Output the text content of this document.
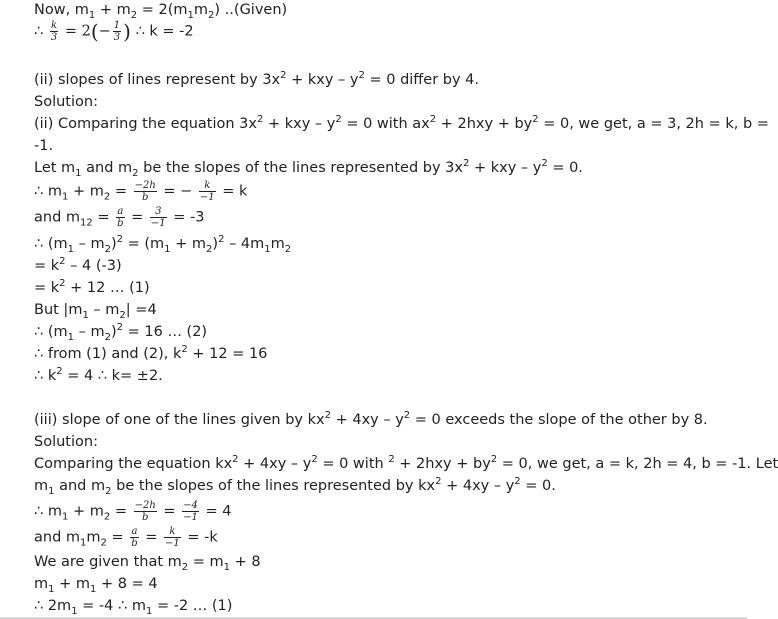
Now, $m_1 + m_2 = 2(m_1m_2)$ ..(Given)
∴ $\frac{k}{3} = 2(- \frac{1}{3}$ ) ∴ k = -2
(ii) slopes of lines represent by $3x^2$ + kxy – $y^2 = 0$ differ by 4.
Solution:
(ii) Comparing the equation $3x^2$ + kxy – $y^2 = 0$ with $ax^2 + 2hxy + by^2 = 0$, we get, a = 3, 2h = k, b =
-1.
Let $m_1$ and $m_2$ be the slopes of the lines represented by $3x^2$ + kxy – $y^2 = 0$.
∴ $m_1 + m_2 = \frac{-2h}{b}$ = − $\frac{k}{-1} = k$
and $m_{12} = \frac{a}{b} = \frac{3}{-1} = -3$
∴ $(m_1 - m_2)^2 = (m_1 + m_2)^2 - 4m_1m_2$
= $k^2 - 4$ (-3)
= $k^2 + 12$ … (1)
But $|m_1 - m_2| =4$
∴ $(m_1 - m_2)^2 = 16$ … (2)
∴ from (1) and (2), $k^2 + 12 = 16$
∴ $k^2 = 4$ ∴ k= ±2.
(iii) slope of one of the lines given by $kx^2 + 4xy - y^2 = 0$ exceeds the slope of the other by 8.
Solution:
Comparing the equation $kx^2 + 4xy - y^2 = 0$ with $^2 + 2hxy + by^2 = 0$, we get, a = k, 2h = 4, b = -1. Let
$m_1$ and $m_2$ be the slopes of the lines represented by $kx^2 + 4xy - y^2 = 0$.
∴ $m_1 + m_2 = \frac{-2h}{b} = \frac{-4}{-1} = 4$
and $m_1m_2 = \frac{a}{b} = \frac{k}{-1} = -k$
We are given that $m_2 = m_1 + 8$
$m_1 + m_1 + 8 = 4$
∴ $2m_1 = -4$ ∴ $m_1 = -2$ … (1)
